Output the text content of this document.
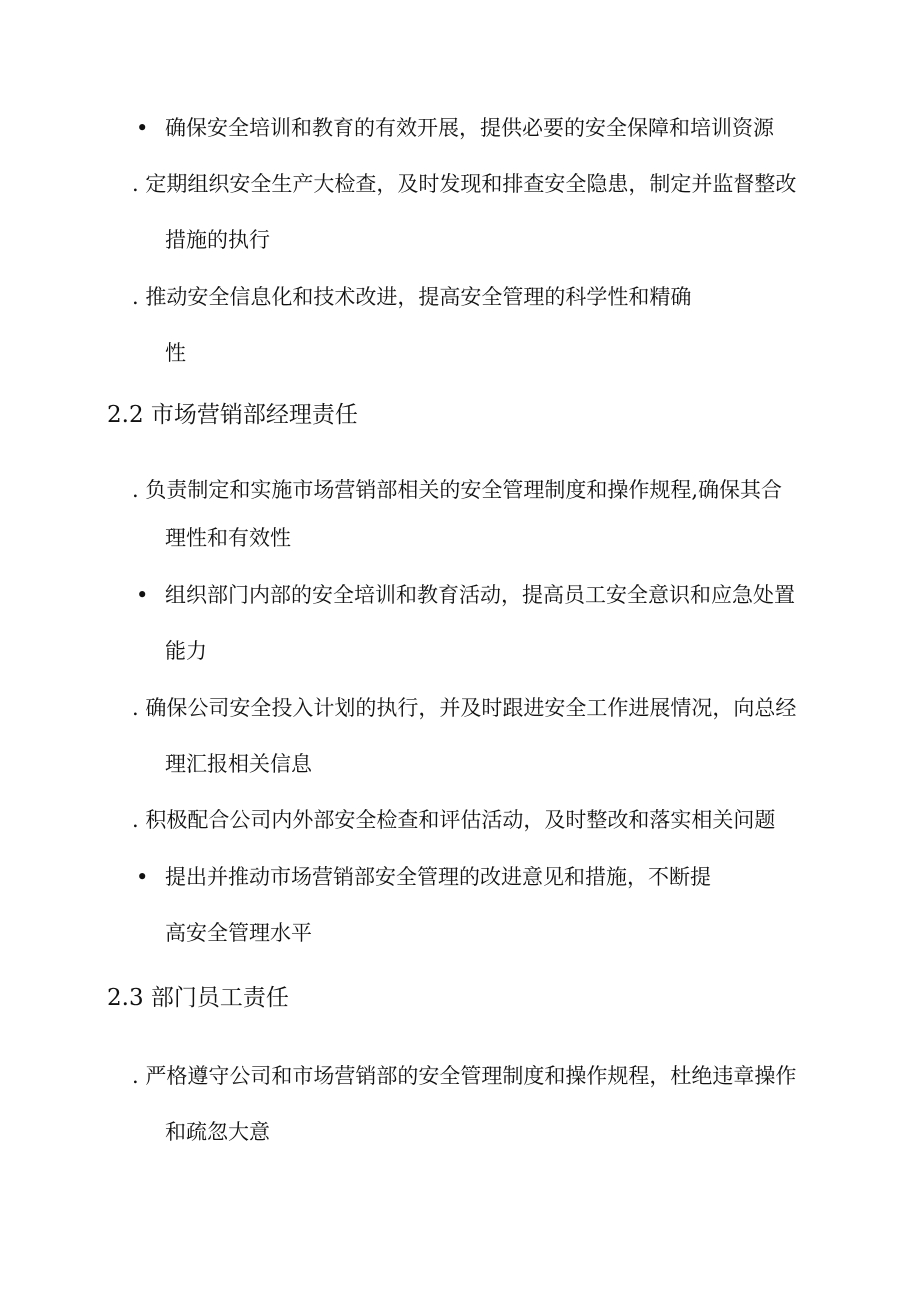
• 确保安全培训和教育的有效开展，提供必要的安全保障和培训资源
. 定期组织安全生产大检查，及时发现和排查安全隐患，制定并监督整改
措施的执行
. 推动安全信息化和技术改进，提高安全管理的科学性和精确
性
2.2 市场营销部经理责任
. 负责制定和实施市场营销部相关的安全管理制度和操作规程,确保其合
理性和有效性
• 组织部门内部的安全培训和教育活动，提高员工安全意识和应急处置
能力
. 确保公司安全投入计划的执行，并及时跟进安全工作进展情况，向总经
理汇报相关信息
. 积极配合公司内外部安全检查和评估活动，及时整改和落实相关问题
• 提出并推动市场营销部安全管理的改进意见和措施，不断提
高安全管理水平
2.3 部门员工责任
. 严格遵守公司和市场营销部的安全管理制度和操作规程，杜绝违章操作
和疏忽大意
